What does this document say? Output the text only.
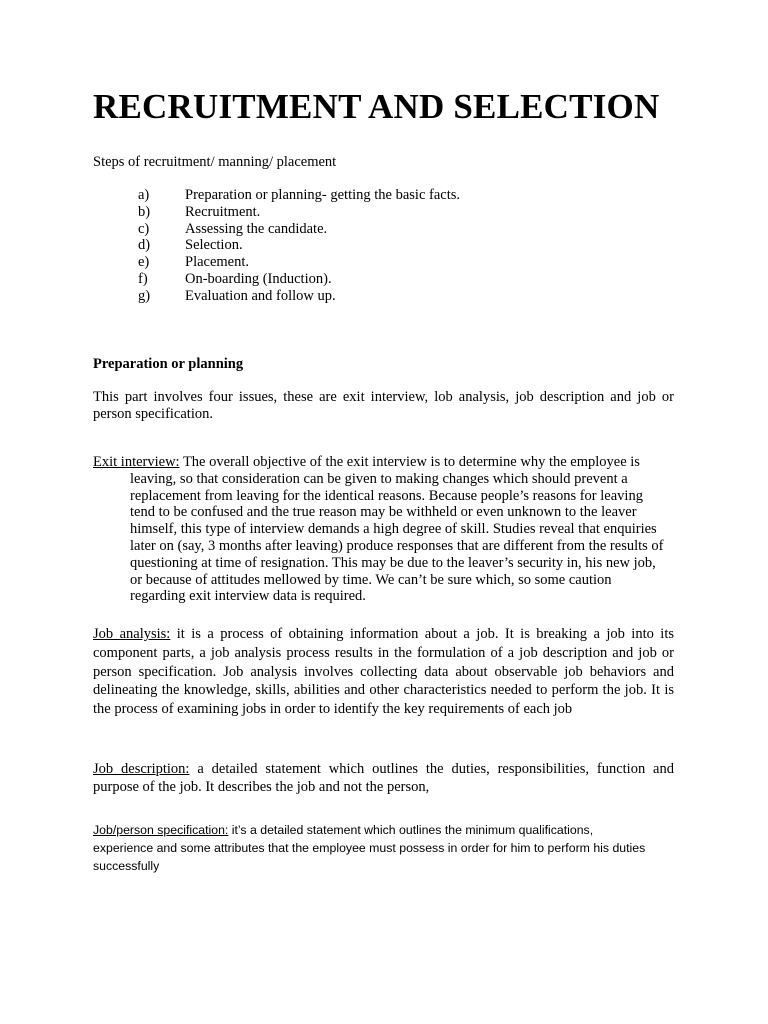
RECRUITMENT AND SELECTION
Steps of recruitment/ manning/ placement
a) Preparation or planning- getting the basic facts.
b) Recruitment.
c) Assessing the candidate.
d) Selection.
e) Placement.
f)	On-boarding (Induction).
g) Evaluation and follow up.
Preparation or planning

This part involves four issues, these are exit interview, lob analysis, job description and job or person specification.

Exit interview: The overall objective of the exit interview is to determine why the employee is leaving, so that consideration can be given to making changes which should prevent a replacement from leaving for the identical reasons. Because people’s reasons for leaving tend to be confused and the true reason may be withheld or even unknown to the leaver himself, this type of interview demands a high degree of skill. Studies reveal that enquiries later on (say, 3 months after leaving) produce responses that are different from the results of questioning at time of resignation. This may be due to the leaver’s security in, his new job, or because of attitudes mellowed by time. We can’t be sure which, so some caution regarding exit interview data is required.

Job analysis: it is a process of obtaining information about a job. It is breaking a job into its component parts, a job analysis process results in the formulation of a job description and job or person specification. Job analysis involves collecting data about observable job behaviors and delineating the knowledge, skills, abilities and other characteristics needed to perform the job. It is the process of examining jobs in order to identify the key requirements of each job

Job description: a detailed statement which outlines the duties, responsibilities, function and purpose of the job. It describes the job and not the person,

Job/person specification: it’s a detailed statement which outlines the minimum qualifications, experience and some attributes that the employee must possess in order for him to perform his duties successfully
